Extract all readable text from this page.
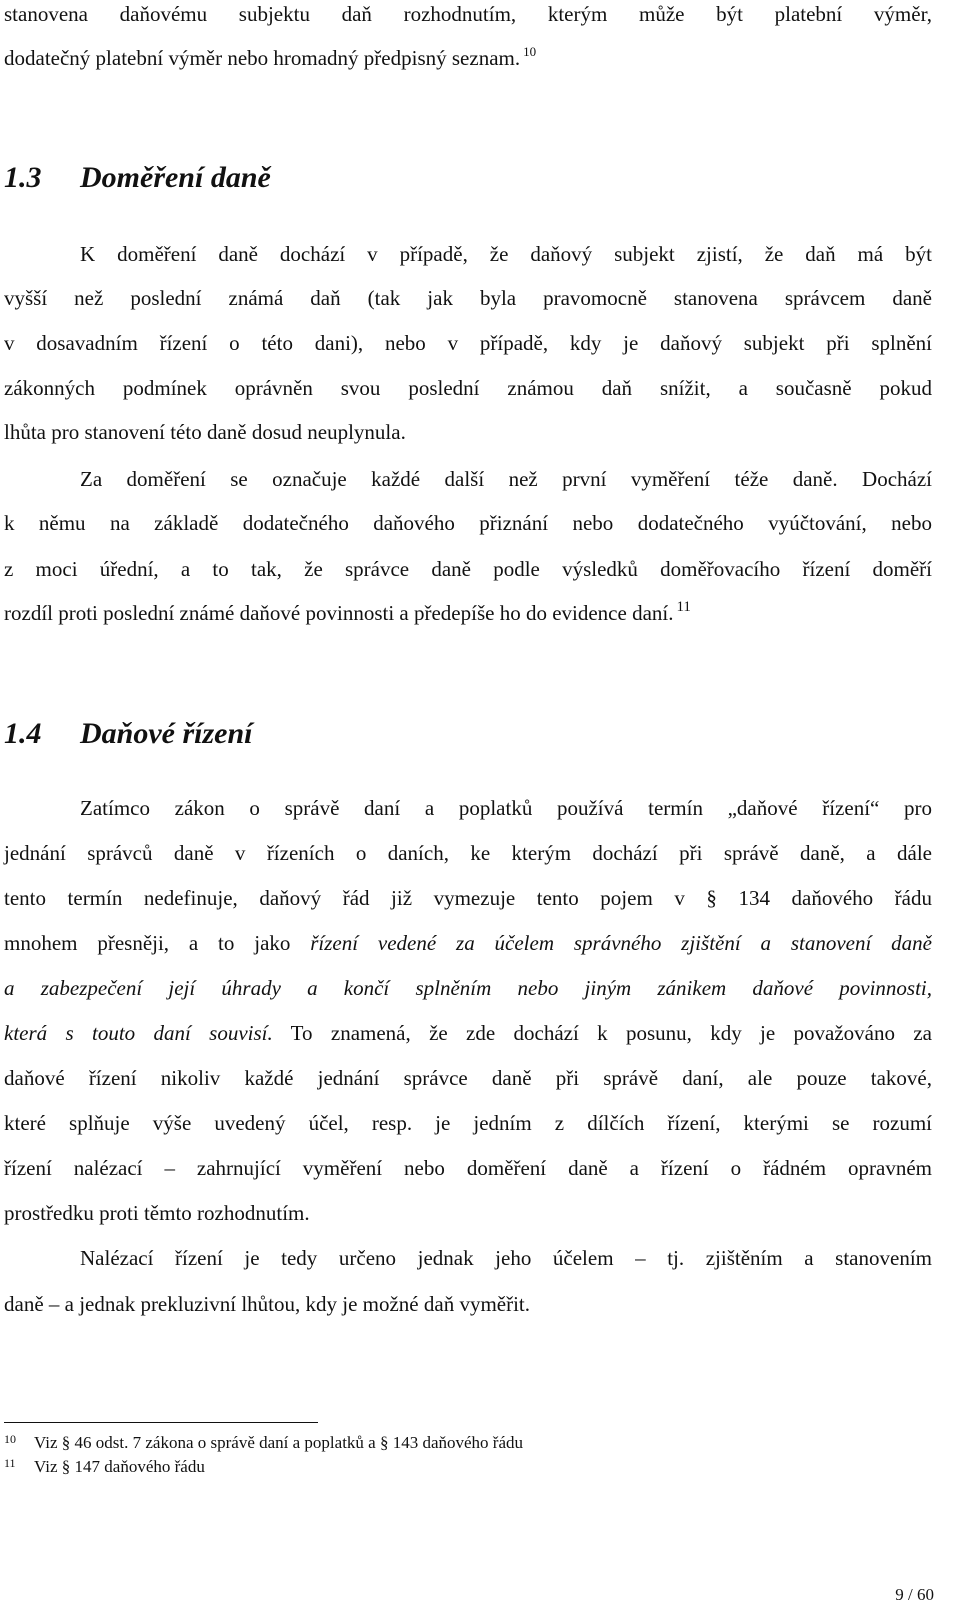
stanovena daňovému subjektu daň rozhodnutím, kterým může být platební výměr,
dodatečný platební výměr nebo hromadný předpisný seznam. $^{10}$
1.3 Doměření daně
K doměření daně dochází v případě, že daňový subjekt zjistí, že daň má být
vyšší než poslední známá daň (tak jak byla pravomocně stanovena správcem daně
v dosavadním řízení o této dani), nebo v případě, kdy je daňový subjekt při splnění
zákonných podmínek oprávněn svou poslední známou daň snížit, a současně pokud
lhůta pro stanovení této daně dosud neuplynula.
Za doměření se označuje každé další než první vyměření téže daně. Dochází
k němu na základě dodatečného daňového přiznání nebo dodatečného vyúčtování, nebo
z moci úřední, a to tak, že správce daně podle výsledků doměřovacího řízení doměří
rozdíl proti poslední známé daňové povinnosti a předepíše ho do evidence daní. $^{11}$
1.4 Daňové řízení
Zatímco zákon o správě daní a poplatků používá termín „daňové řízení“ pro
jednání správců daně v řízeních o daních, ke kterým dochází při správě daně, a dále
tento termín nedefinuje, daňový řád již vymezuje tento pojem v § 134 daňového řádu
mnohem přesněji, a to jako řízení vedené za účelem správného zjištění a stanovení daně
a zabezpečení její úhrady a končí splněním nebo jiným zánikem daňové povinnosti,
která s touto daní souvisí. To znamená, že zde dochází k posunu, kdy je považováno za
daňové řízení nikoliv každé jednání správce daně při správě daní, ale pouze takové,
které splňuje výše uvedený účel, resp. je jedním z dílčích řízení, kterými se rozumí
řízení nalézací – zahrnující vyměření nebo doměření daně a řízení o řádném opravném
prostředku proti těmto rozhodnutím.
Nalézací řízení je tedy určeno jednak jeho účelem – tj. zjištěním a stanovením
daně – a jednak prekluzivní lhůtou, kdy je možné daň vyměřit.
10 Viz § 46 odst. 7 zákona o správě daní a poplatků a § 143 daňového řádu
11 Viz § 147 daňového řádu
9 / 60
